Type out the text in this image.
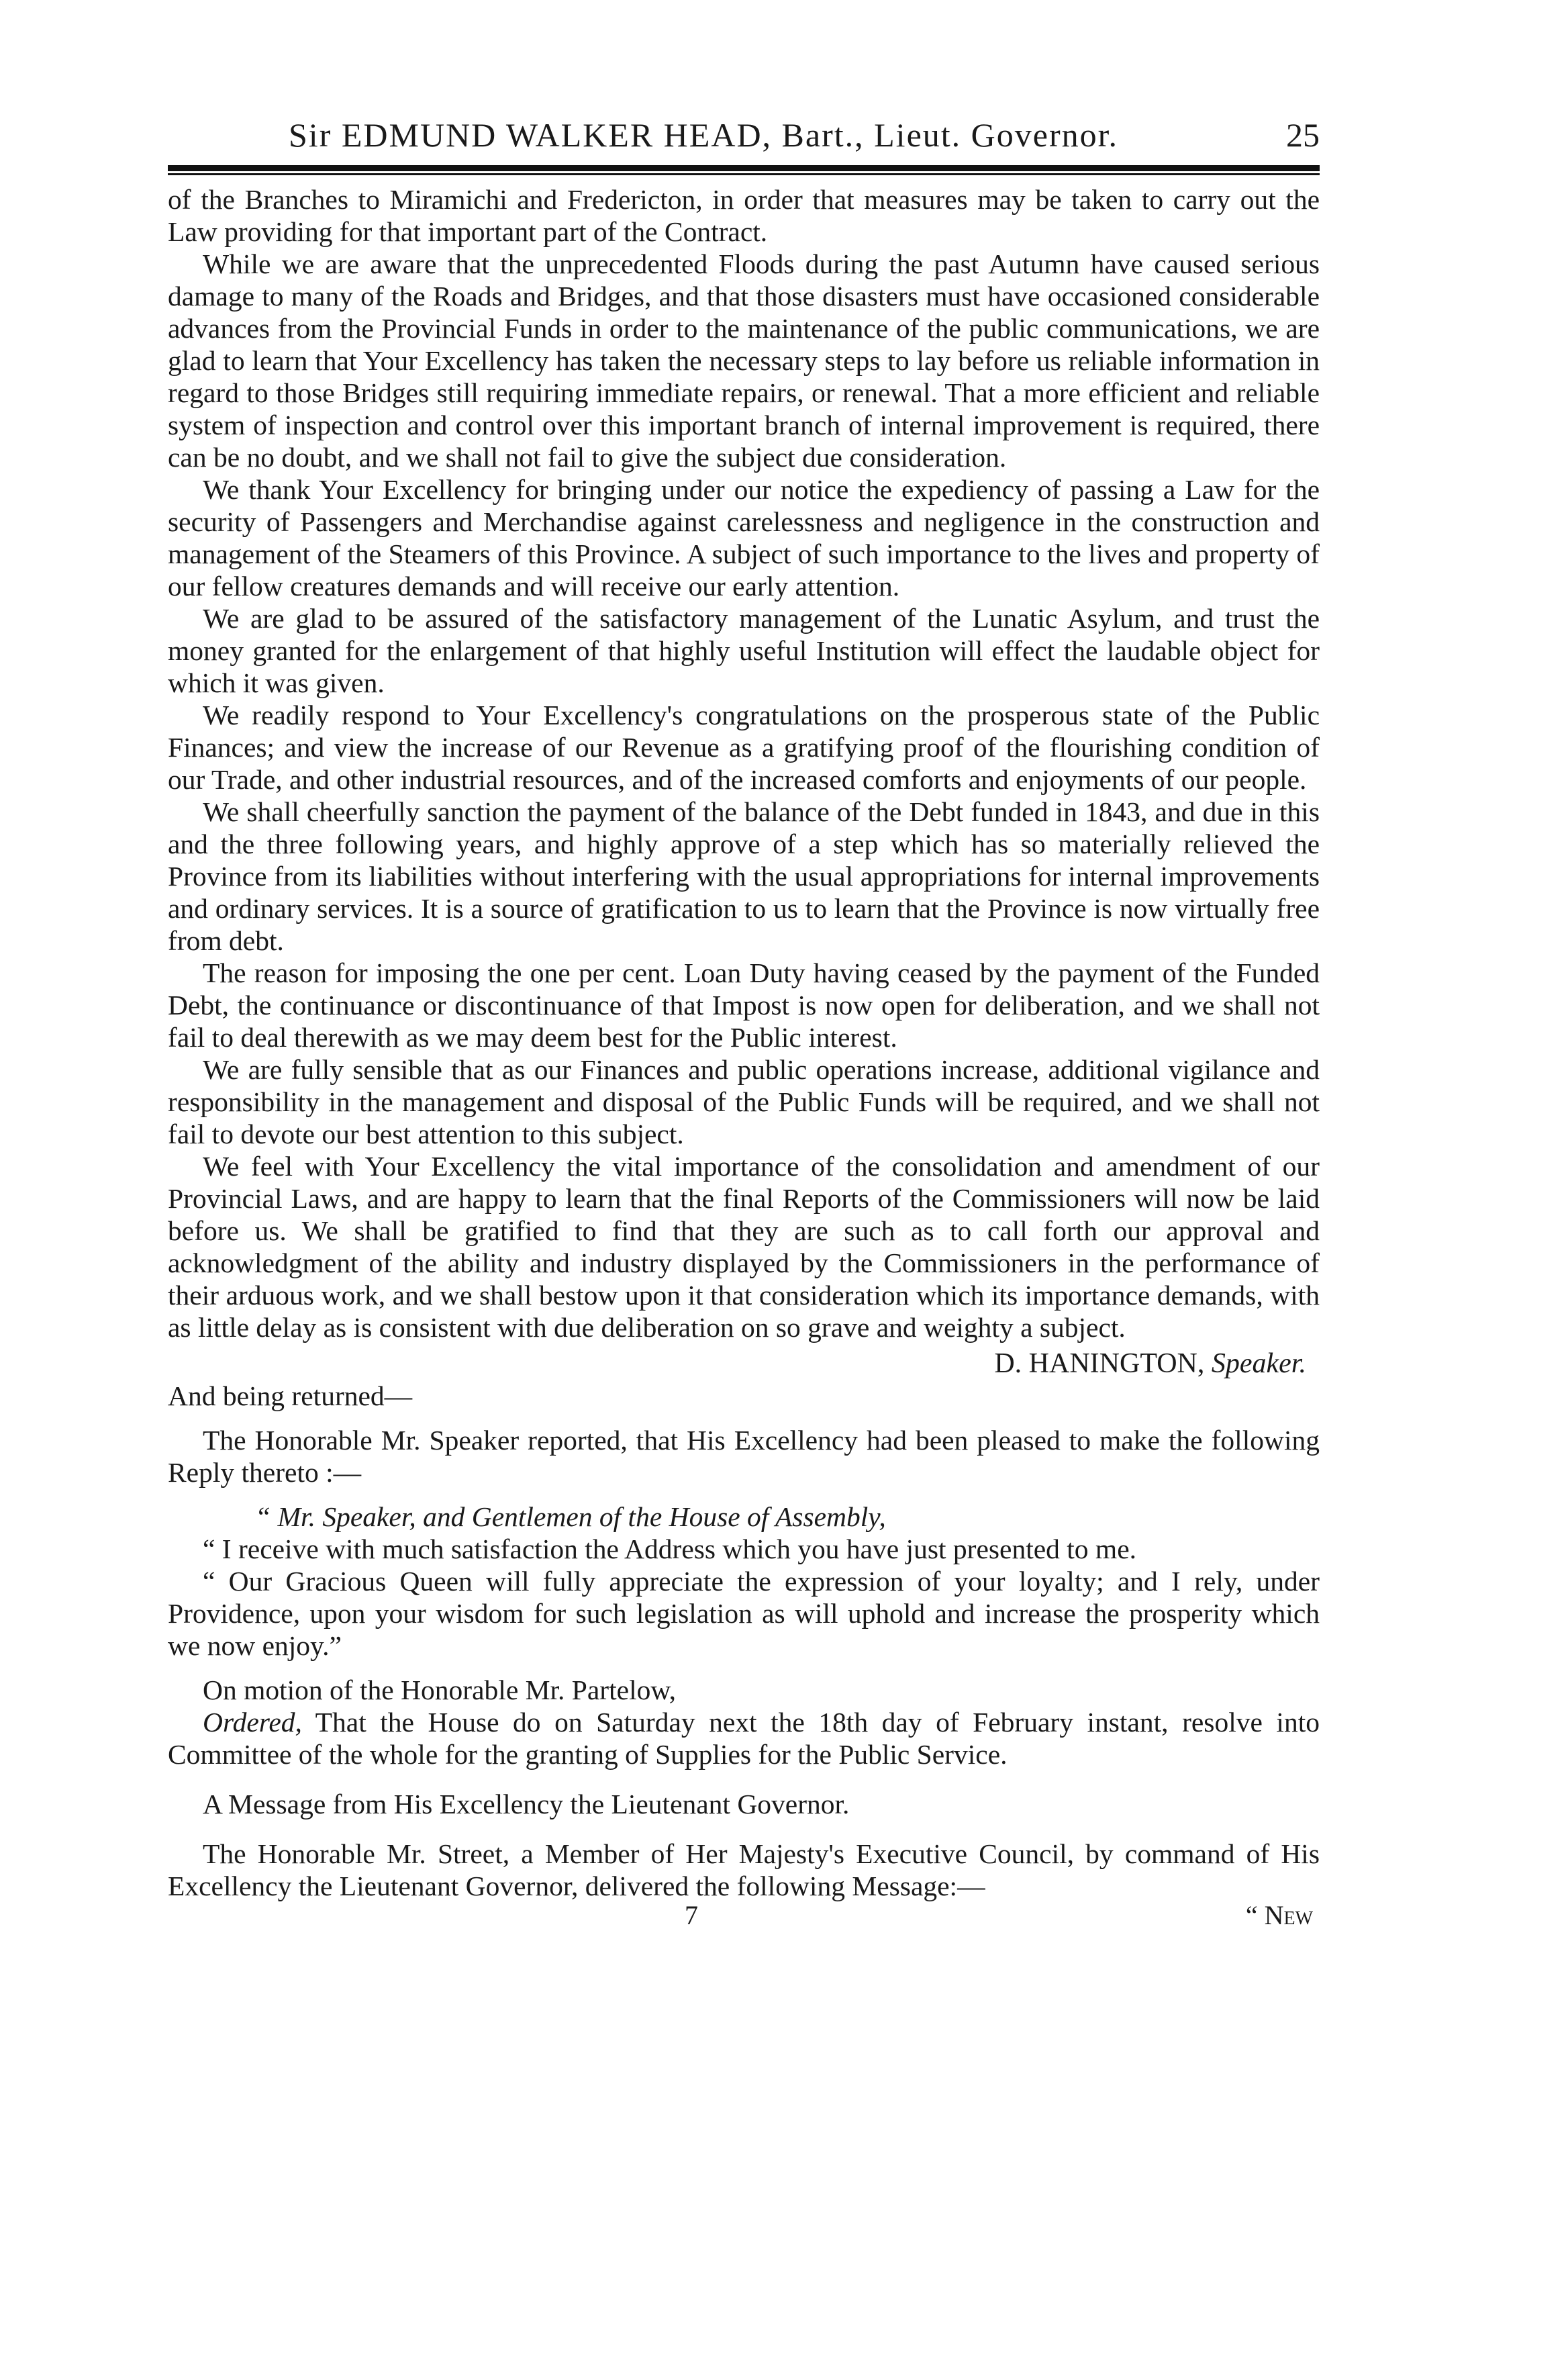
Sir EDMUND WALKER HEAD, Bart., Lieut. Governor.	25

of the Branches to Miramichi and Fredericton, in order that measures may be taken to carry out the Law providing for that important part of the Contract.

While we are aware that the unprecedented Floods during the past Autumn have caused serious damage to many of the Roads and Bridges, and that those disasters must have occasioned considerable advances from the Provincial Funds in order to the maintenance of the public communications, we are glad to learn that Your Excellency has taken the necessary steps to lay before us reliable information in regard to those Bridges still requiring immediate repairs, or renewal. That a more efficient and reliable system of inspection and control over this important branch of internal improvement is required, there can be no doubt, and we shall not fail to give the subject due consideration.

We thank Your Excellency for bringing under our notice the expediency of passing a Law for the security of Passengers and Merchandise against carelessness and negligence in the construction and management of the Steamers of this Province. A subject of such importance to the lives and property of our fellow creatures demands and will receive our early attention.

We are glad to be assured of the satisfactory management of the Lunatic Asylum, and trust the money granted for the enlargement of that highly useful Institution will effect the laudable object for which it was given.

We readily respond to Your Excellency's congratulations on the prosperous state of the Public Finances; and view the increase of our Revenue as a gratifying proof of the flourishing condition of our Trade, and other industrial resources, and of the increased comforts and enjoyments of our people.

We shall cheerfully sanction the payment of the balance of the Debt funded in 1843, and due in this and the three following years, and highly approve of a step which has so materially relieved the Province from its liabilities without interfering with the usual appropriations for internal improvements and ordinary services. It is a source of gratification to us to learn that the Province is now virtually free from debt.

The reason for imposing the one per cent. Loan Duty having ceased by the payment of the Funded Debt, the continuance or discontinuance of that Impost is now open for deliberation, and we shall not fail to deal therewith as we may deem best for the Public interest.

We are fully sensible that as our Finances and public operations increase, additional vigilance and responsibility in the management and disposal of the Public Funds will be required, and we shall not fail to devote our best attention to this subject.

We feel with Your Excellency the vital importance of the consolidation and amendment of our Provincial Laws, and are happy to learn that the final Reports of the Commissioners will now be laid before us. We shall be gratified to find that they are such as to call forth our approval and acknowledgment of the ability and industry displayed by the Commissioners in the performance of their arduous work, and we shall bestow upon it that consideration which its importance demands, with as little delay as is consistent with due deliberation on so grave and weighty a subject.

D. HANINGTON, Speaker.

And being returned—

The Honorable Mr. Speaker reported, that His Excellency had been pleased to make the following Reply thereto :—

“ Mr. Speaker, and Gentlemen of the House of Assembly,

“ I receive with much satisfaction the Address which you have just presented to me.

“ Our Gracious Queen will fully appreciate the expression of your loyalty; and I rely, under Providence, upon your wisdom for such legislation as will uphold and increase the prosperity which we now enjoy.”

On motion of the Honorable Mr. Partelow,

Ordered, That the House do on Saturday next the 18th day of February instant, resolve into Committee of the whole for the granting of Supplies for the Public Service.

A Message from His Excellency the Lieutenant Governor.

The Honorable Mr. Street, a Member of Her Majesty's Executive Council, by command of His Excellency the Lieutenant Governor, delivered the following Message:—

7	“ New
